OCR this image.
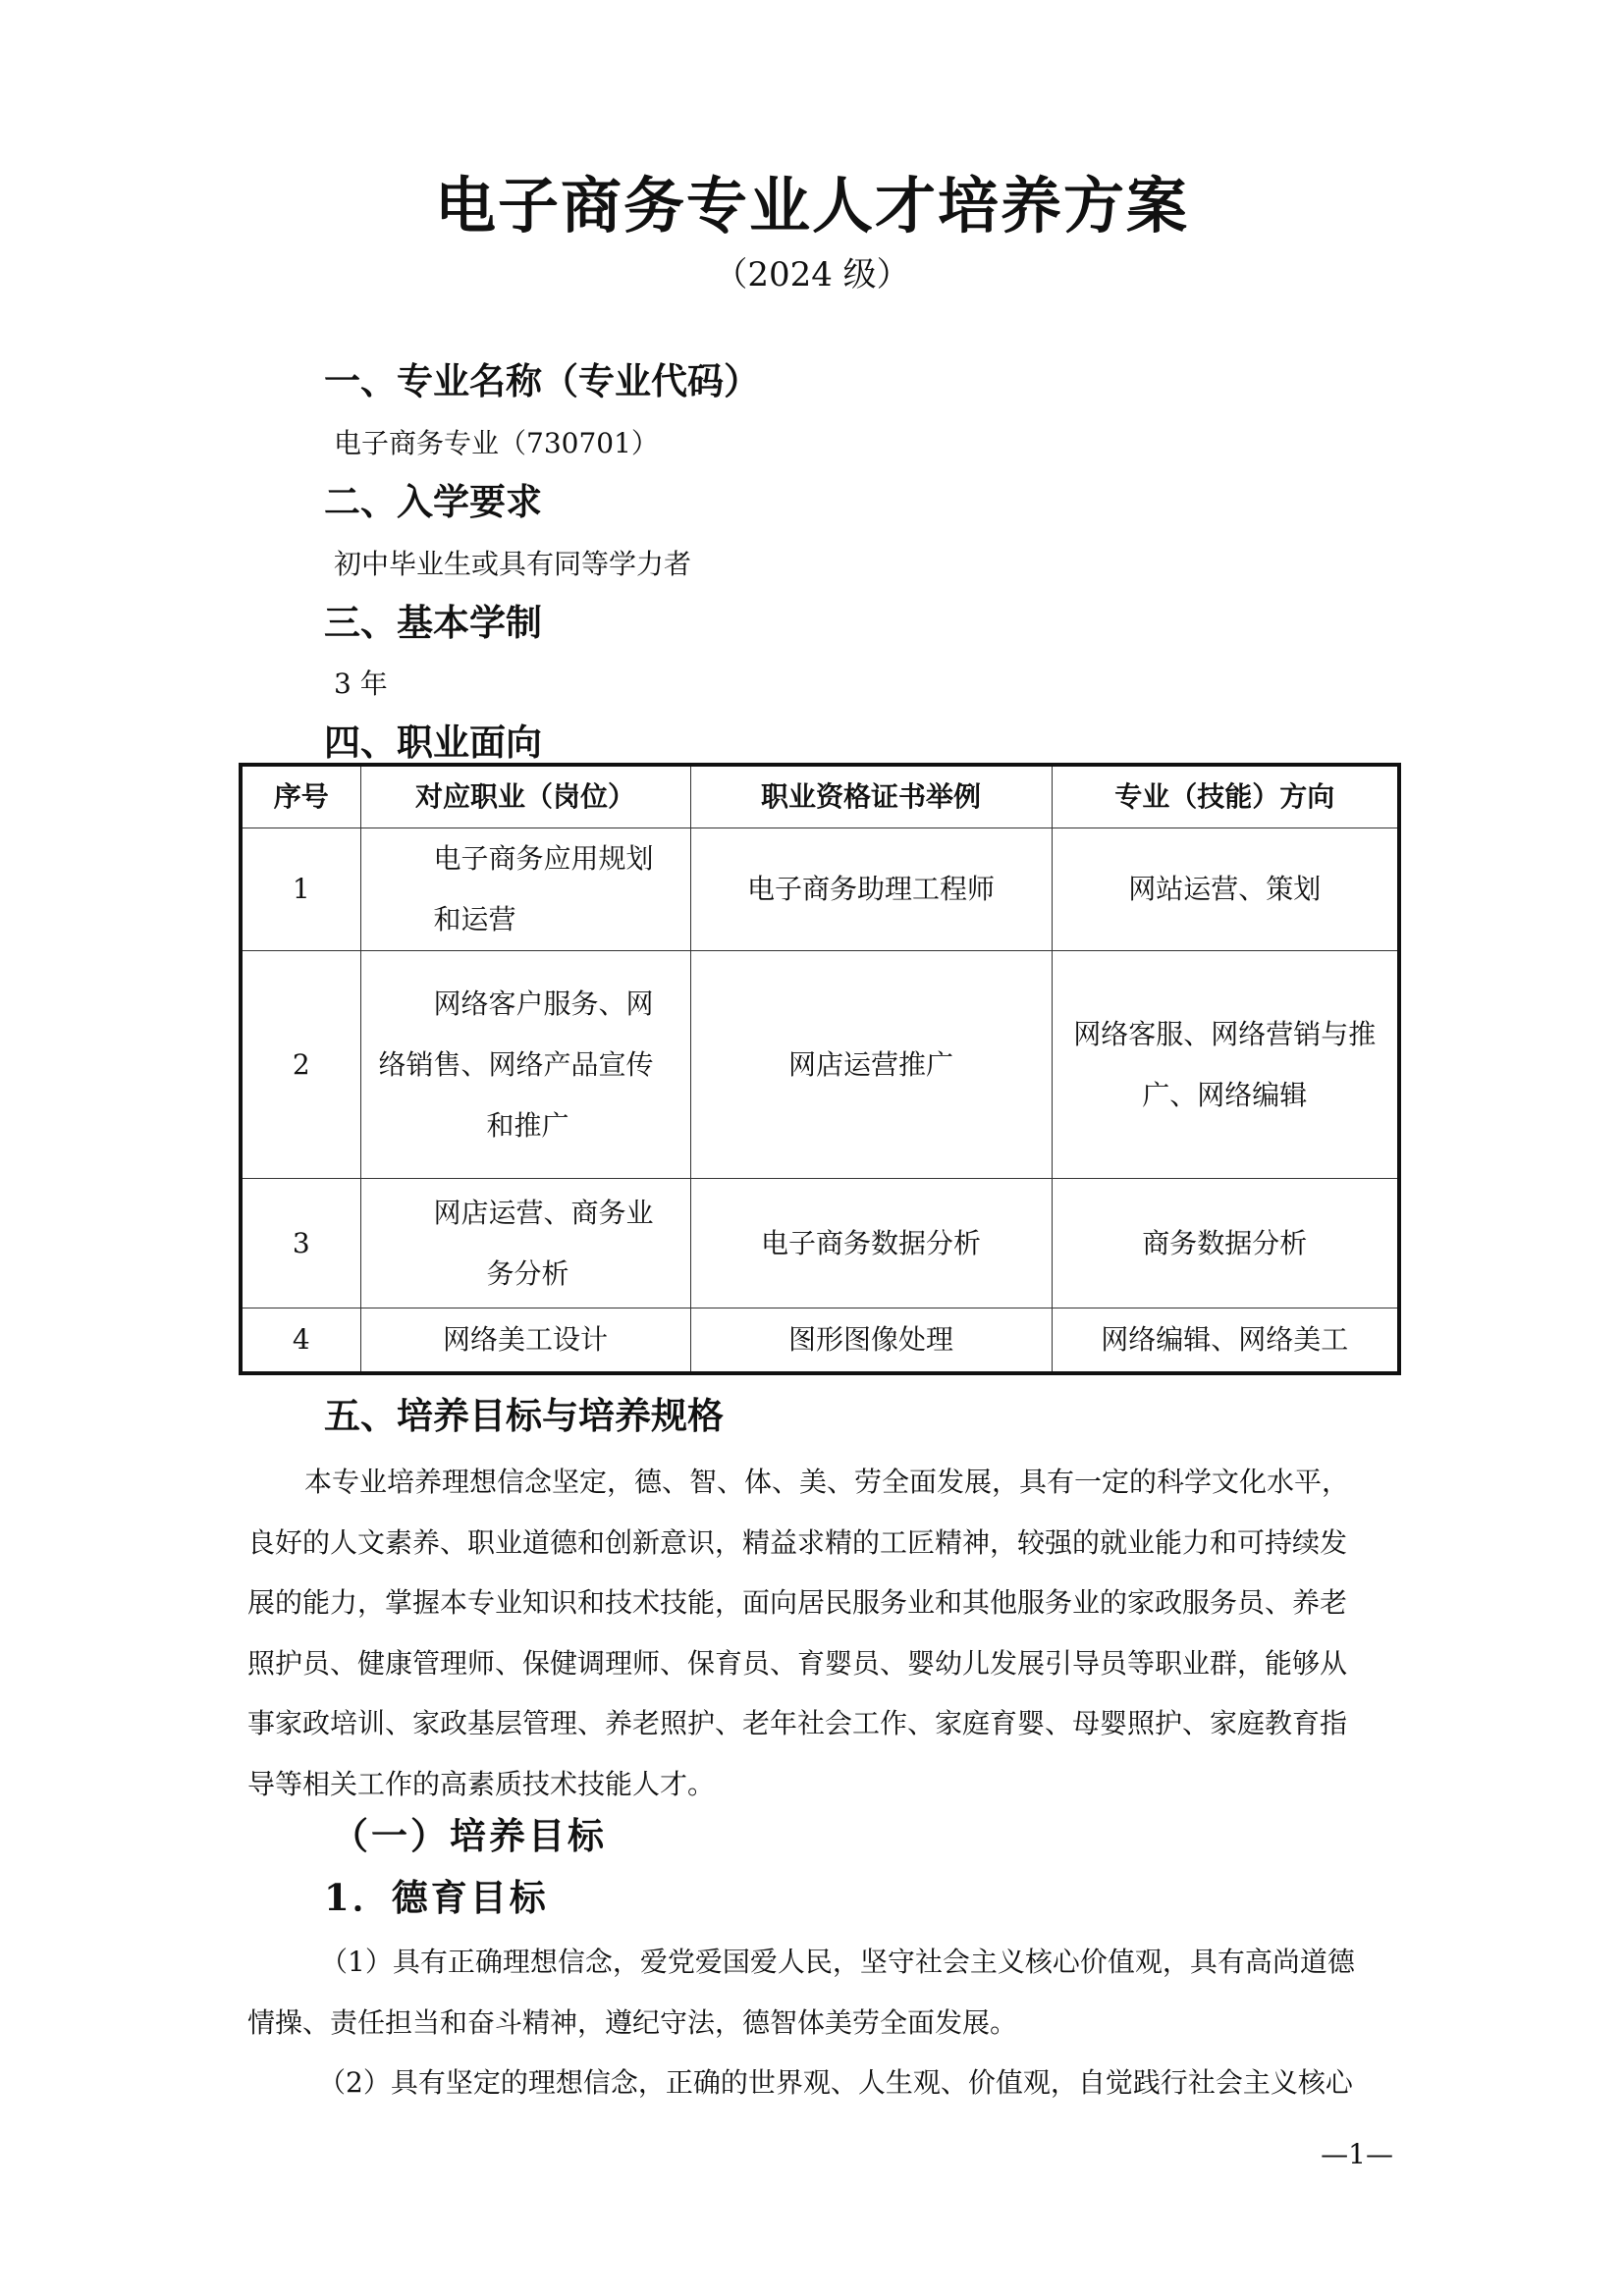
电子商务专业人才培养方案

（2024 级）

一、专业名称（专业代码）

电子商务专业（730701）

二、入学要求

初中毕业生或具有同等学力者

三、基本学制

3 年

四、职业面向
序号	对应职业（岗位）	职业资格证书举例	专业（技能）方向
1	电子商务应用规划
和运营	电子商务助理工程师	网站运营、策划
2	网络客户服务、网
络销售、网络产品宣传
和推广	网店运营推广	网络客服、网络营销与推
广、网络编辑

3	网店运营、商务业
务分析	电子商务数据分析	商务数据分析
4	网络美工设计	图形图像处理	网络编辑、网络美工
五、培养目标与培养规格
本专业培养理想信念坚定，德、智、体、美、劳全面发展，具有一定的科学文化水平，
良好的人文素养、职业道德和创新意识，精益求精的工匠精神，较强的就业能力和可持续发
展的能力，掌握本专业知识和技术技能，面向居民服务业和其他服务业的家政服务员、养老
照护员、健康管理师、保健调理师、保育员、育婴员、婴幼儿发展引导员等职业群，能够从
事家政培训、家政基层管理、养老照护、老年社会工作、家庭育婴、母婴照护、家庭教育指
导等相关工作的高素质技术技能人才。
（一）培养目标
1．德育目标
（1）具有正确理想信念，爱党爱国爱人民，坚守社会主义核心价值观，具有高尚道德
情操、责任担当和奋斗精神，遵纪守法，德智体美劳全面发展。

（2）具有坚定的理想信念，正确的世界观、人生观、价值观，自觉践行社会主义核心

—1—
